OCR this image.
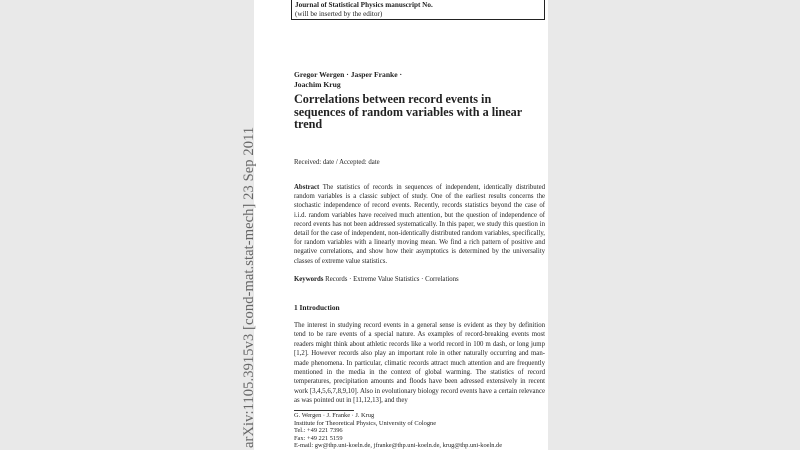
arXiv:1105.3915v3 [cond-mat.stat-mech] 23 Sep 2011
Journal of Statistical Physics manuscript No.
(will be inserted by the editor)
Gregor Wergen · Jasper Franke ·
Joachim Krug
Correlations between record events in sequences of random variables with a linear trend
Received: date / Accepted: date
Abstract The statistics of records in sequences of independent, identically distributed random variables is a classic subject of study. One of the earliest results concerns the stochastic independence of record events. Recently, records statistics beyond the case of i.i.d. random variables have received much attention, but the question of independence of record events has not been addressed systematically. In this paper, we study this question in detail for the case of independent, non-identically distributed random variables, specifically, for random variables with a linearly moving mean. We find a rich pattern of positive and negative correlations, and show how their asymptotics is determined by the universality classes of extreme value statistics.
Keywords Records · Extreme Value Statistics · Correlations
1 Introduction
The interest in studying record events in a general sense is evident as they by definition tend to be rare events of a special nature. As examples of record-breaking events most readers might think about athletic records like a world record in 100 m dash, or long jump [1,2]. However records also play an important role in other naturally occurring and man-made phenomena. In particular, climatic records attract much attention and are frequently mentioned in the media in the context of global warming. The statistics of record temperatures, precipitation amounts and floods have been adressed extensively in recent work [3,4,5,6,7,8,9,10]. Also in evolutionary biology record events have a certain relevance as was pointed out in [11,12,13], and they
G. Wergen · J. Franke · J. Krug
Institute for Theoretical Physics, University of Cologne
Tel.: +49 221 7396
Fax: +49 221 5159
E-mail: gw@thp.uni-koeln.de, jfranke@thp.uni-koeln.de, krug@thp.uni-koeln.de
